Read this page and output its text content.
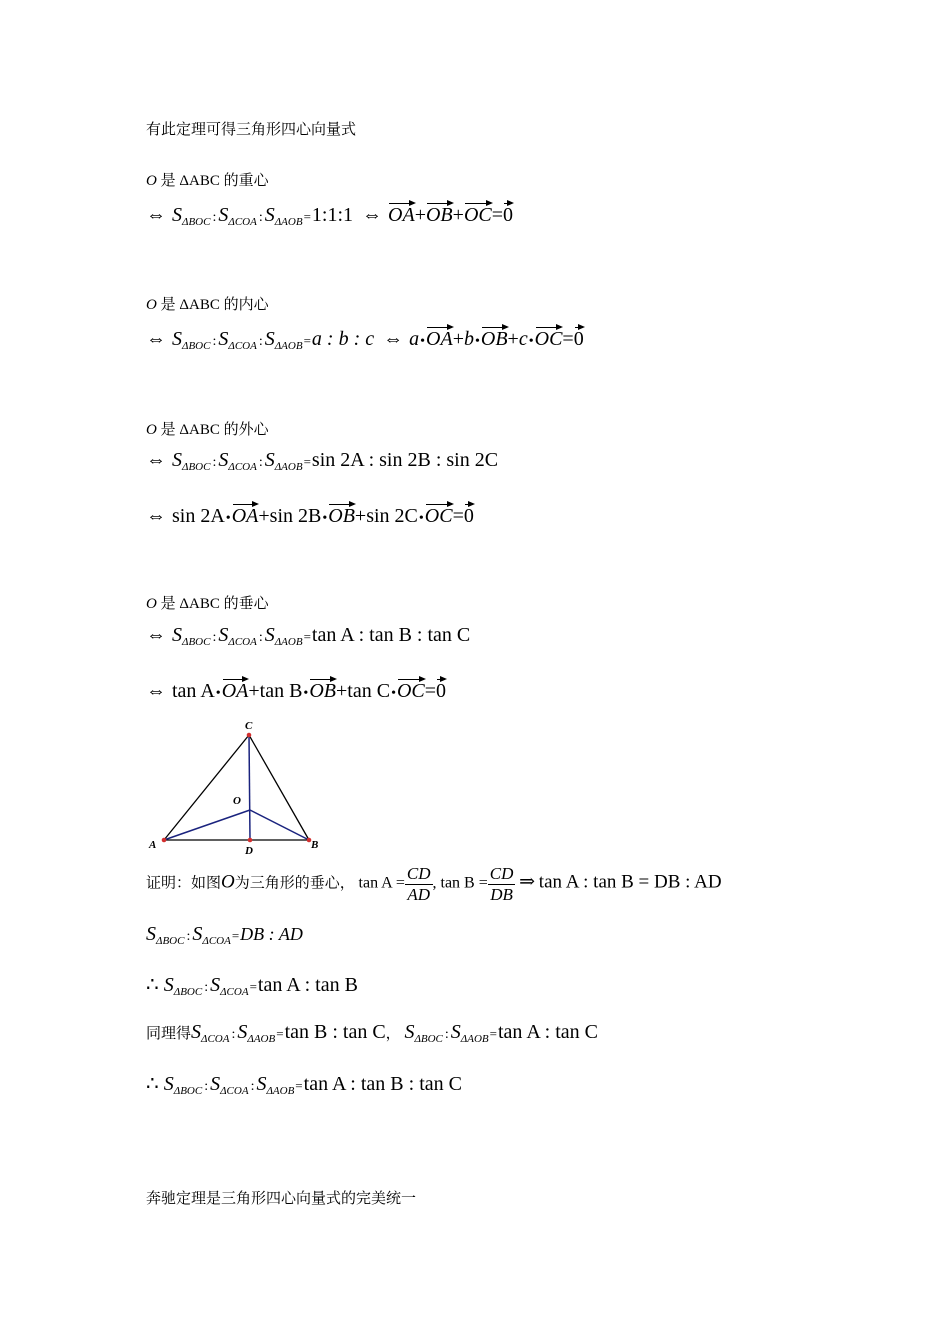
有此定理可得三角形四心向量式
O 是 ΔABC 的重心
⇔ $S_{\Delta BOC}$ : $S_{\Delta COA}$ : $S_{\Delta AOB}=1:1:1$ ⇔ OA+OB+OC=0
O 是 ΔABC 的内心
⇔ $S_{\Delta BOC}$ : $S_{\Delta COA}$ : $S_{\Delta AOB}=a$ : b : c ⇔ a•OA+b•OB+c•OC=0
O 是 ΔABC 的外心
⇔ $S_{\Delta BOC}$ : $S_{\Delta COA}$ : $S_{\Delta AOB}=\sin$ 2A : sin 2B : sin 2C
⇔ sin 2A•OA+sin 2B•OB+sin 2C•OC=0
O 是 ΔABC 的垂心
⇔ $S_{\Delta BOC}$ : $S_{\Delta COA}$ : $S_{\Delta AOB}=\tan$ A : tan B : tan C
⇔ tan A•OA+tan B•OB+tan C•OC=0
C
O
A	D	B
证明：如图O为三角形的垂心， $\tan A = \frac{CD}{AD}$ , $\tan B = \frac{CD}{DB}$ ⇒ tan A : tan B = DB : AD
$S_{\Delta BOC}$ : $S_{\Delta COA}=DB$ : AD
∴ $S_{\Delta BOC}$ : $S_{\Delta COA}=\tan$ A : tan B
同理得$S_{\Delta COA}$ : $S_{\Delta AOB}=\tan$ B : tan C， $S_{\Delta BOC}$ : $S_{\Delta AOB}=\tan$ A : tan C
∴ $S_{\Delta BOC}$ : $S_{\Delta COA}$ : $S_{\Delta AOB}=\tan$ A : tan B : tan C
奔驰定理是三角形四心向量式的完美统一
